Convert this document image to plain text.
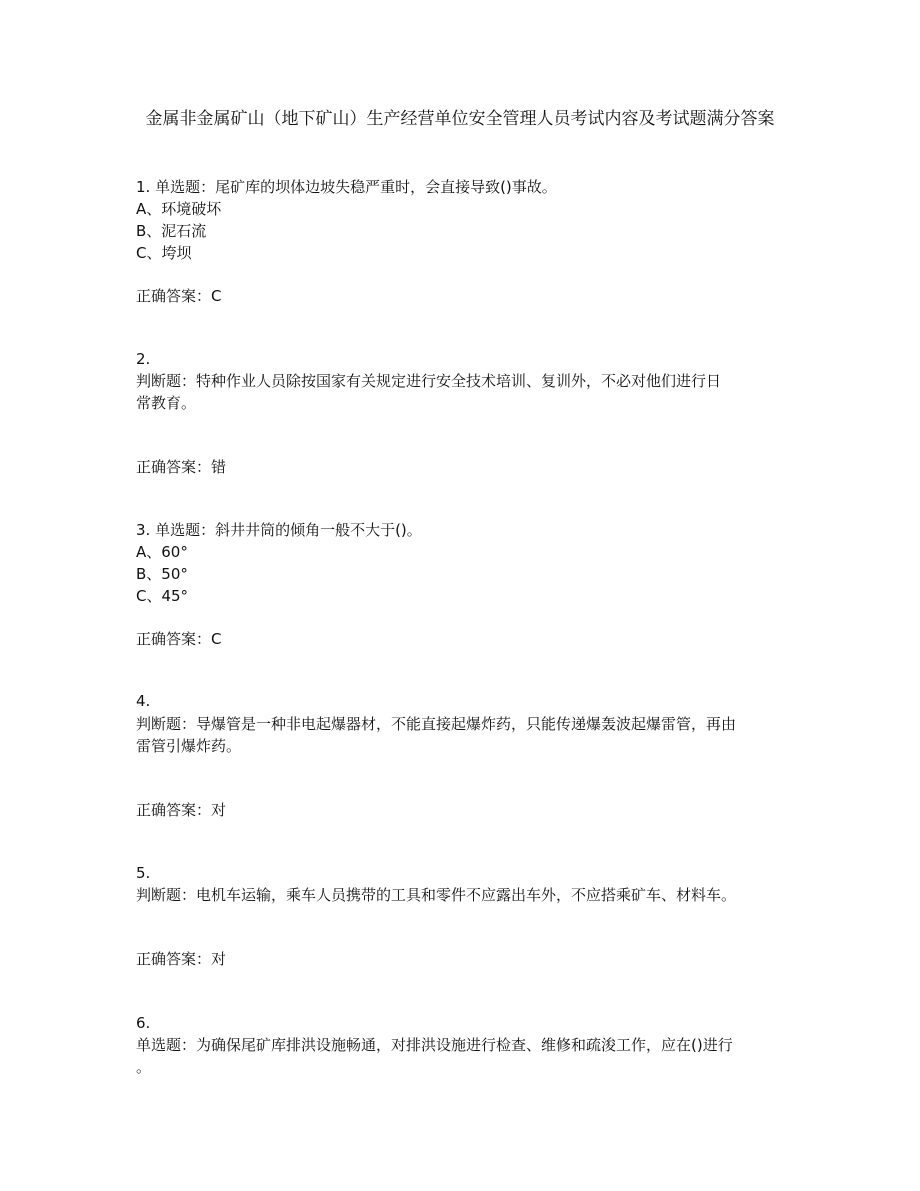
金属非金属矿山（地下矿山）生产经营单位安全管理人员考试内容及考试题满分答案
1. 单选题：尾矿库的坝体边坡失稳严重时，会直接导致()事故。
A、环境破坏
B、泥石流
C、垮坝
正确答案：C
2.
判断题：特种作业人员除按国家有关规定进行安全技术培训、复训外，不必对他们进行日
常教育。
正确答案：错
3. 单选题：斜井井筒的倾角一般不大于()。
A、60°
B、50°
C、45°
正确答案：C
4.
判断题：导爆管是一种非电起爆器材，不能直接起爆炸药，只能传递爆轰波起爆雷管，再由
雷管引爆炸药。
正确答案：对
5.
判断题：电机车运输，乘车人员携带的工具和零件不应露出车外，不应搭乘矿车、材料车。
正确答案：对
6.
单选题：为确保尾矿库排洪设施畅通，对排洪设施进行检查、维修和疏浚工作，应在()进行
。
